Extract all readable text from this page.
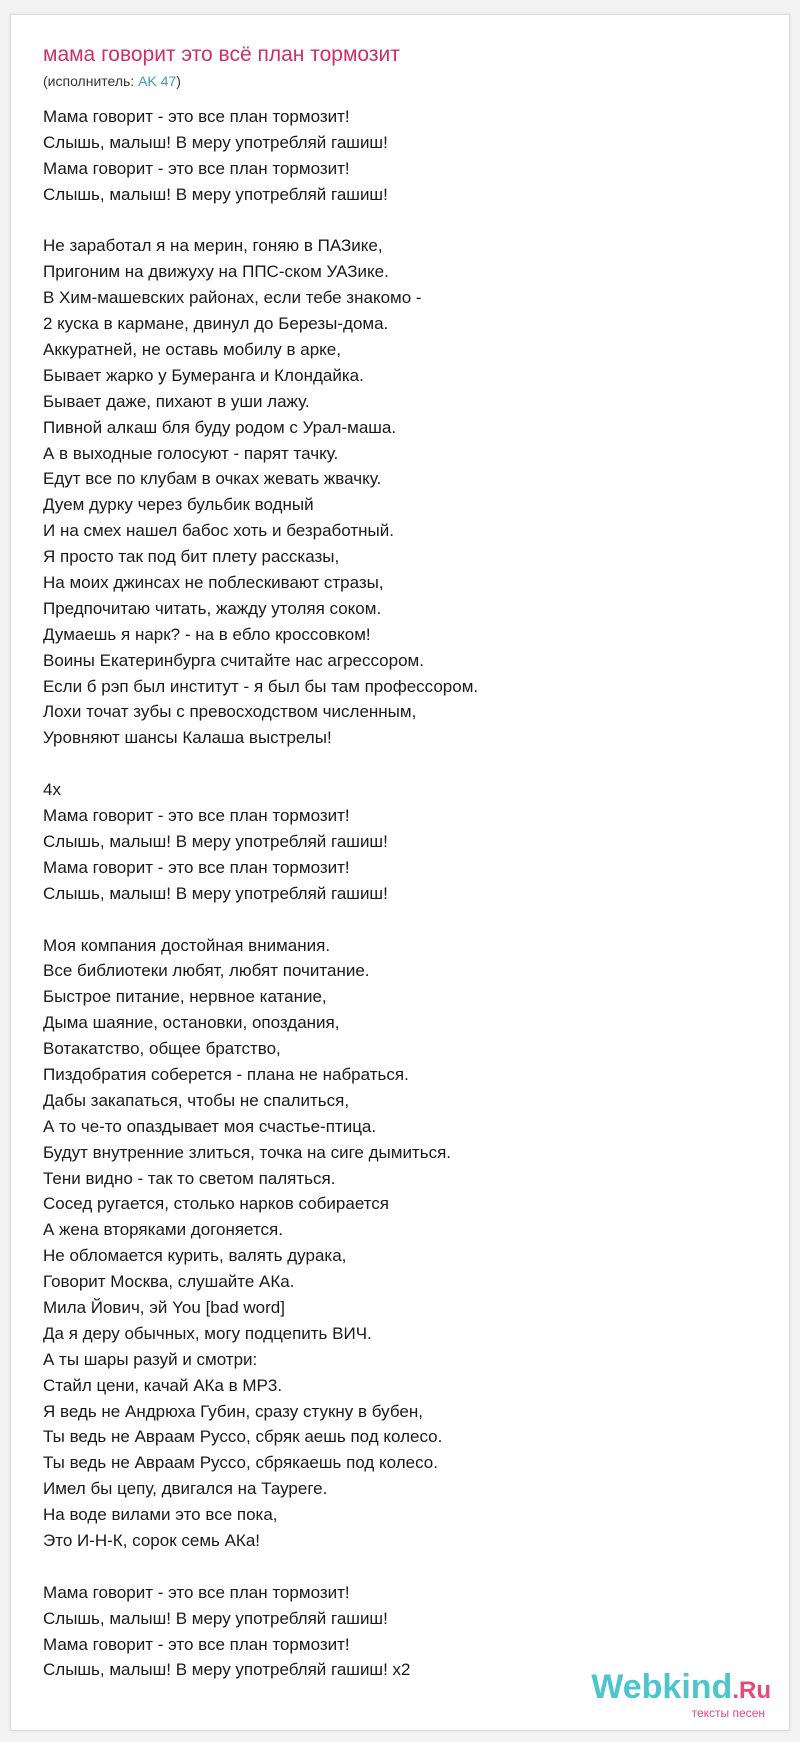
мама говорит это всё план тормозит
(исполнитель: AK 47)
Мама говорит - это все план тормозит!
Слышь, малыш! В меру употребляй гашиш!
Мама говорит - это все план тормозит!
Слышь, малыш! В меру употребляй гашиш!
Не заработал я на мерин, гоняю в ПАЗике,
Пригоним на движуху на ППС-ском УАЗике.
В Хим-машевских районах, если тебе знакомо -
2 куска в кармане, двинул до Березы-дома.
Аккуратней, не оставь мобилу в арке,
Бывает жарко у Бумеранга и Клондайка.
Бывает даже, пихают в уши лажу.
Пивной алкаш бля буду родом с Урал-маша.
А в выходные голосуют - парят тачку.
Едут все по клубам в очках жевать жвачку.
Дуем дурку через бульбик водный
И на смех нашел бабос хоть и безработный.
Я просто так под бит плету рассказы,
На моих джинсах не поблескивают стразы,
Предпочитаю читать, жажду утоляя соком.
Думаешь я нарк? - на в ебло кроссовком!
Воины Екатеринбурга считайте нас агрессором.
Если б рэп был институт - я был бы там профессором.
Лохи точат зубы с превосходством численным,
Уровняют шансы Калаша выстрелы!
4x
Мама говорит - это все план тормозит!
Слышь, малыш! В меру употребляй гашиш!
Мама говорит - это все план тормозит!
Слышь, малыш! В меру употребляй гашиш!
Моя компания достойная внимания.
Все библиотеки любят, любят почитание.
Быстрое питание, нервное катание,
Дыма шаяние, остановки, опоздания,
Вотакатство, общее братство,
Пиздобратия соберется - плана не набраться.
Дабы закапаться, чтобы не спалиться,
А то че-то опаздывает моя счастье-птица.
Будут внутренние злиться, точка на сиге дымиться.
Тени видно - так то светом паляться.
Сосед ругается, столько нарков собирается
А жена вторяками догоняется.
Не обломается курить, валять дурака,
Говорит Москва, слушайте АКа.
Мила Йович, эй You [bad word]
Да я деру обычных, могу подцепить ВИЧ.
А ты шары разуй и смотри:
Стайл цени, качай АКа в MP3.
Я ведь не Андрюха Губин, сразу стукну в бубен,
Ты ведь не Авраам Руссо, сбряк аешь под колесо.
Ты ведь не Авраам Руссо, сбрякаешь под колесо.
Имел бы цепу, двигался на Тауреге.
На воде вилами это все пока,
Это И-Н-К, сорок семь АКа!
Мама говорит - это все план тормозит!
Слышь, малыш! В меру употребляй гашиш!
Мама говорит - это все план тормозит!
Слышь, малыш! В меру употребляй гашиш! х2	Webkind.Ru
тексты песен
